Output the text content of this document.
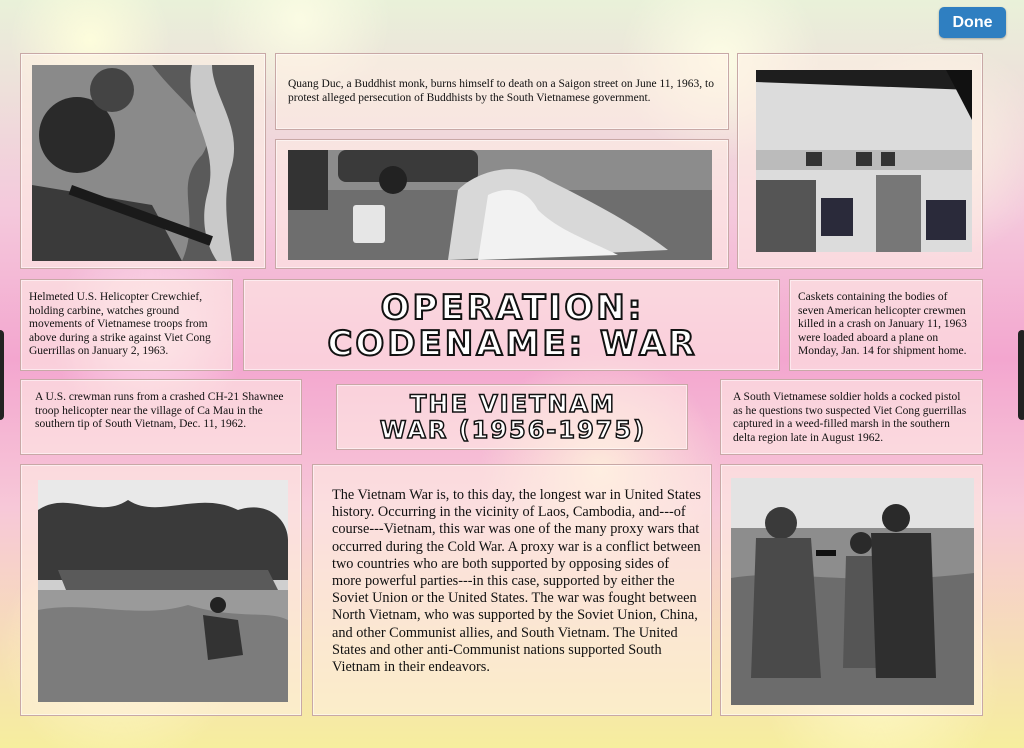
Done
Quang Duc, a Buddhist monk, burns himself to death on a Saigon street on June 11, 1963, to protest alleged persecution of Buddhists by the South Vietnamese government.
Helmeted U.S. Helicopter Crewchief, holding carbine, watches ground movements of Vietnamese troops from above during a strike against Viet Cong Guerrillas on January 2, 1963.
OPERATION:
CODENAME: WAR
Caskets containing the bodies of seven American helicopter crewmen killed in a crash on January 11, 1963 were loaded aboard a plane on Monday, Jan. 14 for shipment home.
A U.S. crewman runs from a crashed CH-21 Shawnee troop helicopter near the village of Ca Mau in the southern tip of South Vietnam, Dec. 11, 1962.
THE VIETNAM
WAR (1956-1975)
A South Vietnamese soldier holds a cocked pistol as he questions two suspected Viet Cong guerrillas captured in a weed-filled marsh in the southern delta region late in August 1962.
The Vietnam War is, to this day, the longest war in United States history. Occurring in the vicinity of Laos, Cambodia, and---of course---Vietnam, this war was one of the many proxy wars that occurred during the Cold War. A proxy war is a conflict between two countries who are both supported by opposing sides of more powerful parties---in this case, supported by either the Soviet Union or the United States. The war was fought between North Vietnam, who was supported by the Soviet Union, China, and other Communist allies, and South Vietnam. The United States and other anti-Communist nations supported South Vietnam in their endeavors.
